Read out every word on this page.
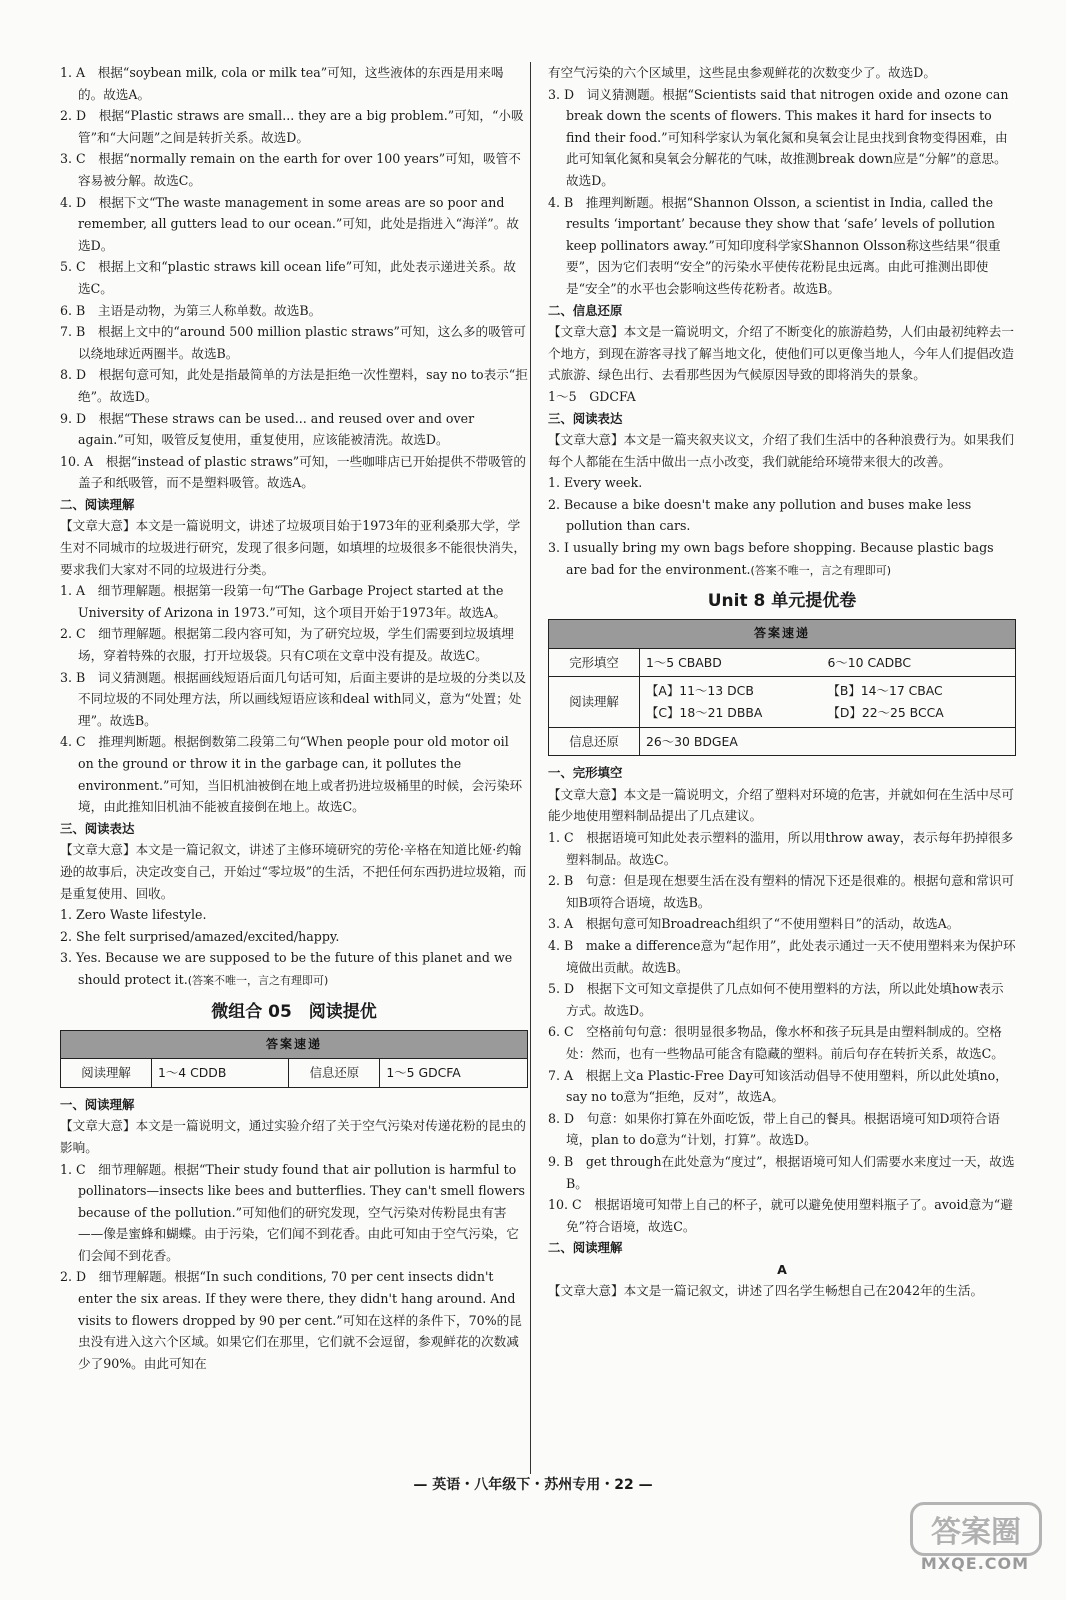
1. A　根据“soybean milk, cola or milk tea”可知，这些液体的东西是用来喝的。故选A。

2. D　根据“Plastic straws are small... they are a big problem.”可知，“小吸管”和“大问题”之间是转折关系。故选D。

3. C　根据“normally remain on the earth for over 100 years”可知，吸管不容易被分解。故选C。

4. D　根据下文“The waste management in some areas are so poor and remember, all gutters lead to our ocean.”可知，此处是指进入“海洋”。故选D。

5. C　根据上文和“plastic straws kill ocean life”可知，此处表示递进关系。故选C。

6. B　主语是动物，为第三人称单数。故选B。

7. B　根据上文中的“around 500 million plastic straws”可知，这么多的吸管可以绕地球近两圈半。故选B。

8. D　根据句意可知，此处是指最简单的方法是拒绝一次性塑料，say no to表示“拒绝”。故选D。

9. D　根据“These straws can be used... and reused over and over again.”可知，吸管反复使用，重复使用，应该能被清洗。故选D。

10. A　根据“instead of plastic straws”可知，一些咖啡店已开始提供不带吸管的盖子和纸吸管，而不是塑料吸管。故选A。

二、阅读理解

【文章大意】本文是一篇说明文，讲述了垃圾项目始于1973年的亚利桑那大学，学生对不同城市的垃圾进行研究，发现了很多问题，如填埋的垃圾很多不能很快消失，要求我们大家对不同的垃圾进行分类。

1. A　细节理解题。根据第一段第一句“The Garbage Project started at the University of Arizona in 1973.”可知，这个项目开始于1973年。故选A。

2. C　细节理解题。根据第二段内容可知，为了研究垃圾，学生们需要到垃圾填埋场，穿着特殊的衣服，打开垃圾袋。只有C项在文章中没有提及。故选C。

3. B　词义猜测题。根据画线短语后面几句话可知，后面主要讲的是垃圾的分类以及不同垃圾的不同处理方法，所以画线短语应该和deal with同义，意为“处置；处理”。故选B。

4. C　推理判断题。根据倒数第二段第二句“When people pour old motor oil on the ground or throw it in the garbage can, it pollutes the environment.”可知，当旧机油被倒在地上或者扔进垃圾桶里的时候，会污染环境，由此推知旧机油不能被直接倒在地上。故选C。

三、阅读表达

【文章大意】本文是一篇记叙文，讲述了主修环境研究的劳伦·辛格在知道比娅·约翰逊的故事后，决定改变自己，开始过“零垃圾”的生活，不把任何东西扔进垃圾箱，而是重复使用、回收。

1. Zero Waste lifestyle.

2. She felt surprised/amazed/excited/happy.

3. Yes. Because we are supposed to be the future of this planet and we should protect it.(答案不唯一，言之有理即可)

微组合 05　阅读提优
答案速递
阅读理解	1～4 CDDB	信息还原	1～5 GDCFA

一、阅读理解

【文章大意】本文是一篇说明文，通过实验介绍了关于空气污染对传递花粉的昆虫的影响。

1. C　细节理解题。根据“Their study found that air pollution is harmful to pollinators—insects like bees and butterflies. They can't smell flowers because of the pollution.”可知他们的研究发现，空气污染对传粉昆虫有害——像是蜜蜂和蝴蝶。由于污染，它们闻不到花香。由此可知由于空气污染，它们会闻不到花香。

2. D　细节理解题。根据“In such conditions, 70 per cent insects didn't enter the six areas. If they were there, they didn't hang around. And visits to flowers dropped by 90 per cent.”可知在这样的条件下，70%的昆虫没有进入这六个区域。如果它们在那里，它们就不会逗留，参观鲜花的次数减少了90%。由此可知在

有空气污染的六个区域里，这些昆虫参观鲜花的次数变少了。故选D。

3. D　词义猜测题。根据“Scientists said that nitrogen oxide and ozone can break down the scents of flowers. This makes it hard for insects to find their food.”可知科学家认为氧化氮和臭氧会让昆虫找到食物变得困难，由此可知氧化氮和臭氧会分解花的气味，故推测break down应是“分解”的意思。故选D。

4. B　推理判断题。根据“Shannon Olsson, a scientist in India, called the results ‘important’ because they show that ‘safe’ levels of pollution keep pollinators away.”可知印度科学家Shannon Olsson称这些结果“很重要”，因为它们表明“安全”的污染水平使传花粉昆虫远离。由此可推测出即使是“安全”的水平也会影响这些传花粉者。故选B。

二、信息还原

【文章大意】本文是一篇说明文，介绍了不断变化的旅游趋势，人们由最初纯粹去一个地方，到现在游客寻找了解当地文化，使他们可以更像当地人，今年人们提倡改造式旅游、绿色出行、去看那些因为气候原因导致的即将消失的景象。

1～5　GDCFA

三、阅读表达

【文章大意】本文是一篇夹叙夹议文，介绍了我们生活中的各种浪费行为。如果我们每个人都能在生活中做出一点小改变，我们就能给环境带来很大的改善。

1. Every week.

2. Because a bike doesn't make any pollution and buses make less pollution than cars.

3. I usually bring my own bags before shopping. Because plastic bags are bad for the environment.(答案不唯一，言之有理即可)

Unit 8 单元提优卷
答案速递	
完形填空	1～5 CBABD 6～10 CADBC

阅读理解	【A】11～13 DCB 【B】14～17 CBAC
【C】18～21 DBBA 【D】22～25 BCCA

信息还原	26～30 BDGEA

一、完形填空

【文章大意】本文是一篇说明文，介绍了塑料对环境的危害，并就如何在生活中尽可能少地使用塑料制品提出了几点建议。

1. C　根据语境可知此处表示塑料的滥用，所以用throw away，表示每年扔掉很多塑料制品。故选C。

2. B　句意：但是现在想要生活在没有塑料的情况下还是很难的。根据句意和常识可知B项符合语境，故选B。

3. A　根据句意可知Broadreach组织了“不使用塑料日”的活动，故选A。

4. B　make a difference意为“起作用”，此处表示通过一天不使用塑料来为保护环境做出贡献。故选B。

5. D　根据下文可知文章提供了几点如何不使用塑料的方法，所以此处填how表示方式。故选D。

6. C　空格前句句意：很明显很多物品，像水杯和孩子玩具是由塑料制成的。空格处：然而，也有一些物品可能含有隐藏的塑料。前后句存在转折关系，故选C。

7. A　根据上文a Plastic-Free Day可知该活动倡导不使用塑料，所以此处填no，say no to意为“拒绝，反对”，故选A。

8. D　句意：如果你打算在外面吃饭，带上自己的餐具。根据语境可知D项符合语境，plan to do意为“计划，打算”。故选D。

9. B　get through在此处意为“度过”，根据语境可知人们需要水来度过一天，故选B。

10. C　根据语境可知带上自己的杯子，就可以避免使用塑料瓶子了。avoid意为“避免”符合语境，故选C。

二、阅读理解

A

【文章大意】本文是一篇记叙文，讲述了四名学生畅想自己在2042年的生活。

— 英语・八年级下・苏州专用・22 —
答案圈
MXQE.COM
